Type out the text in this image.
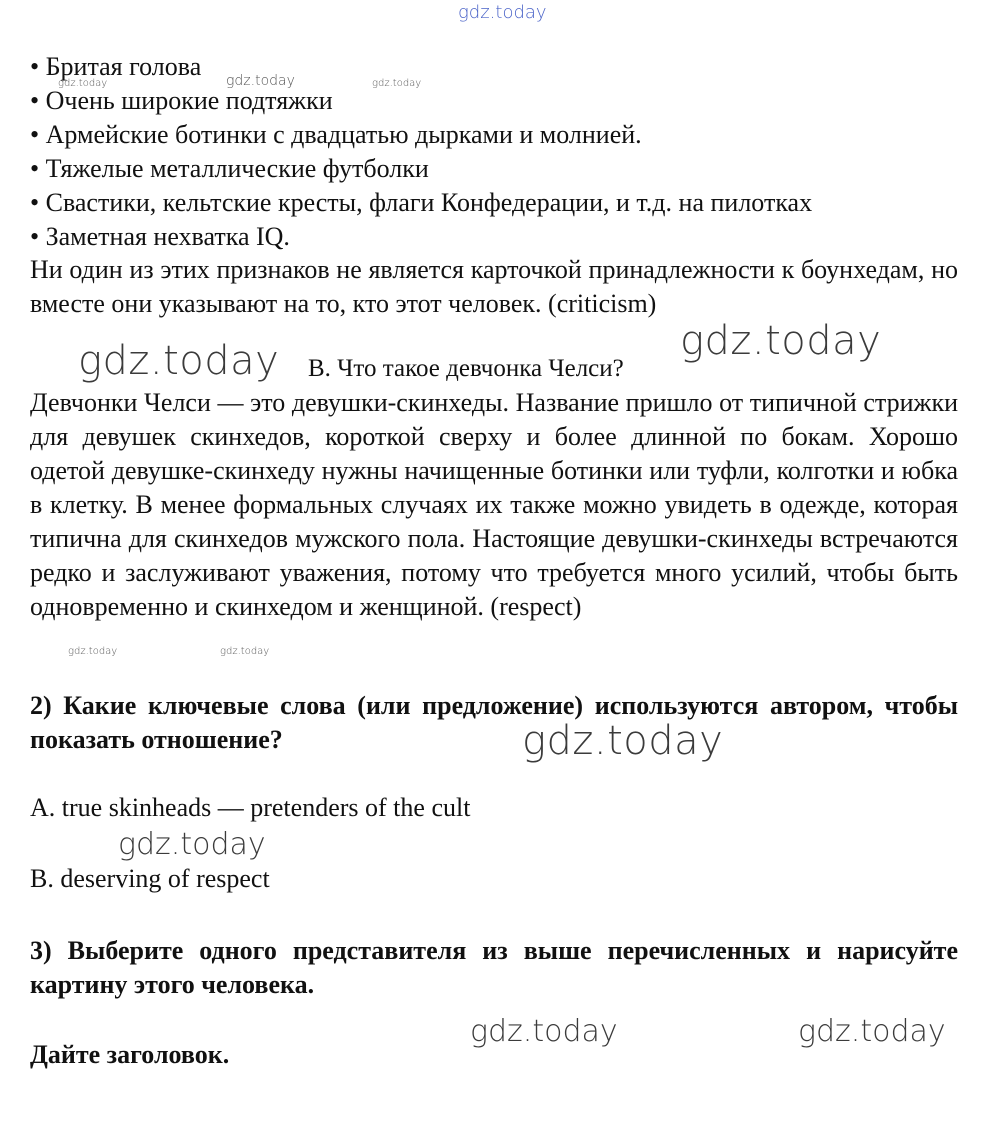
• Бритая голова
• Очень широкие подтяжки
• Армейские ботинки с двадцатью дырками и молнией.
• Тяжелые металлические футболки
• Свастики, кельтские кресты, флаги Конфедерации, и т.д. на пилотках
• Заметная нехватка IQ.
Ни один из этих признаков не является карточкой принадлежности к боунхедам, но вместе они указывают на то, кто этот человек. (criticism)
B. Что такое девчонка Челси?
Девчонки Челси — это девушки-скинхеды. Название пришло от типичной стрижки для девушек скинхедов, короткой сверху и более длинной по бокам. Хорошо одетой девушке-скинхеду нужны начищенные ботинки или туфли, колготки и юбка в клетку. В менее формальных случаях их также можно увидеть в одежде, которая типична для скинхедов мужского пола. Настоящие девушки-скинхеды встречаются редко и заслуживают уважения, потому что требуется много усилий, чтобы быть одновременно и скинхедом и женщиной. (respect)
2) Какие ключевые слова (или предложение) используются автором, чтобы показать отношение?
A. true skinheads — pretenders of the cult
B. deserving of respect
3) Выберите одного представителя из выше перечисленных и нарисуйте картину этого человека.
Дайте заголовок.
gdz.today
gdz.today	gdz.today	gdz.today
gdz.today	gdz.today
gdz.today	gdz.today
gdz.today
gdz.today
gdz.today	gdz.today
